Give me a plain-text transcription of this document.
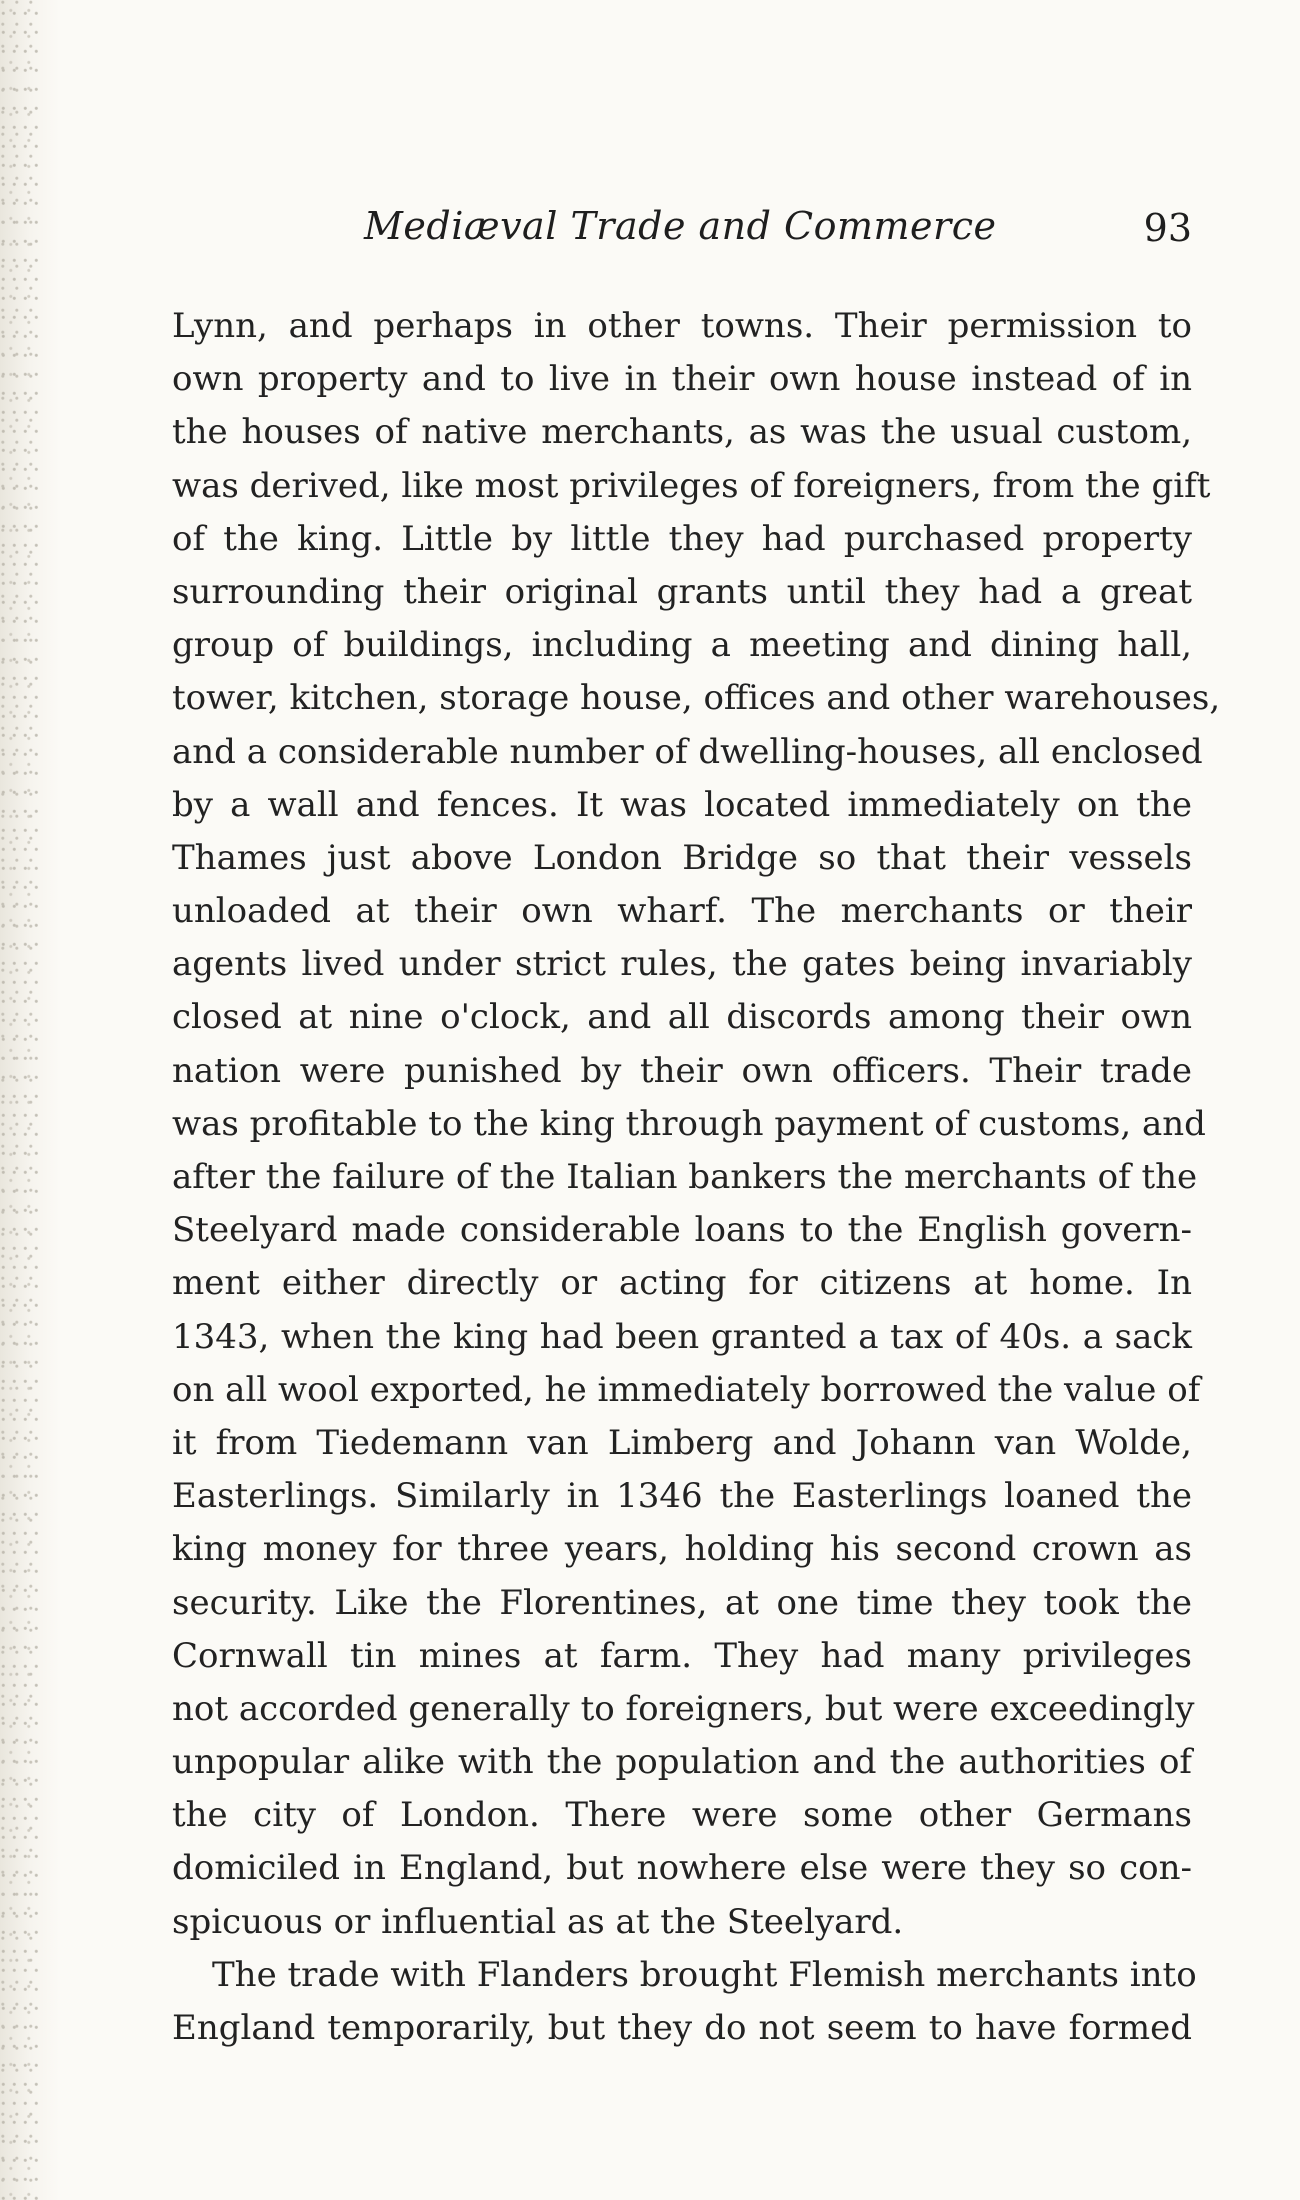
Mediæval Trade and Commerce	93
Lynn, and perhaps in other towns. Their permission to
own property and to live in their own house instead of in
the houses of native merchants, as was the usual custom,
was derived, like most privileges of foreigners, from the gift
of the king. Little by little they had purchased property
surrounding their original grants until they had a great
group of buildings, including a meeting and dining hall,
tower, kitchen, storage house, offices and other warehouses,
and a considerable number of dwelling-houses, all enclosed
by a wall and fences. It was located immediately on the
Thames just above London Bridge so that their vessels
unloaded at their own wharf. The merchants or their
agents lived under strict rules, the gates being invariably
closed at nine o'clock, and all discords among their own
nation were punished by their own officers. Their trade
was profitable to the king through payment of customs, and
after the failure of the Italian bankers the merchants of the
Steelyard made considerable loans to the English govern-
ment either directly or acting for citizens at home. In
1343, when the king had been granted a tax of 40s. a sack
on all wool exported, he immediately borrowed the value of
it from Tiedemann van Limberg and Johann van Wolde,
Easterlings. Similarly in 1346 the Easterlings loaned the
king money for three years, holding his second crown as
security. Like the Florentines, at one time they took the
Cornwall tin mines at farm. They had many privileges
not accorded generally to foreigners, but were exceedingly
unpopular alike with the population and the authorities of
the city of London. There were some other Germans
domiciled in England, but nowhere else were they so con-
spicuous or influential as at the Steelyard.
The trade with Flanders brought Flemish merchants into
England temporarily, but they do not seem to have formed
